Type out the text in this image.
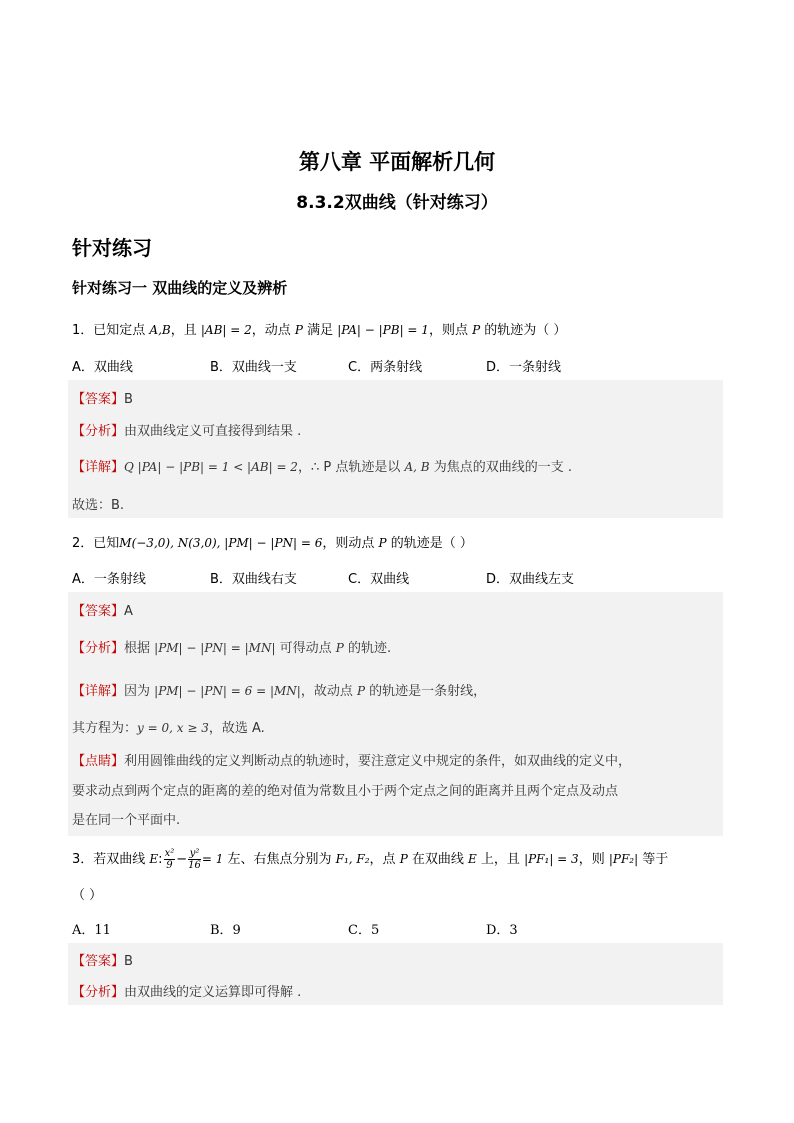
第八章 平面解析几何
8.3.2双曲线（针对练习）
针对练习
针对练习一 双曲线的定义及辨析
1．已知定点 A,B，且 |AB| = 2，动点 P 满足 |PA| − |PB| = 1，则点 P 的轨迹为（ ）
A．双曲线	B．双曲线一支	C．两条射线	D．一条射线
【答案】B
【分析】由双曲线定义可直接得到结果 .
【详解】Q |PA| − |PB| = 1 < |AB| = 2，∴ P 点轨迹是以 A, B 为焦点的双曲线的一支 .
故选：B.
2．已知M(−3,0), N(3,0), |PM| − |PN| = 6，则动点 P 的轨迹是（ ）
A．一条射线	B．双曲线右支	C．双曲线	D．双曲线左支
【答案】A
【分析】根据 |PM| − |PN| = |MN| 可得动点 P 的轨迹.
【详解】因为 |PM| − |PN| = 6 = |MN|，故动点 P 的轨迹是一条射线，
其方程为：y = 0, x ≥ 3，故选 A.
【点睛】利用圆锥曲线的定义判断动点的轨迹时，要注意定义中规定的条件，如双曲线的定义中，
要求动点到两个定点的距离的差的绝对值为常数且小于两个定点之间的距离并且两个定点及动点
是在同一个平面中.
3．若双曲线 E: $\frac{\text{x²}}{9} - \frac{\text{y²}}{16} = 1$ 左、右焦点分别为 F₁, F₂，点 P 在双曲线 E 上，且 |PF₁| = 3，则 |PF₂| 等于
（ ）
A．11	B．9	C．5	D．3
【答案】B
【分析】由双曲线的定义运算即可得解 .
